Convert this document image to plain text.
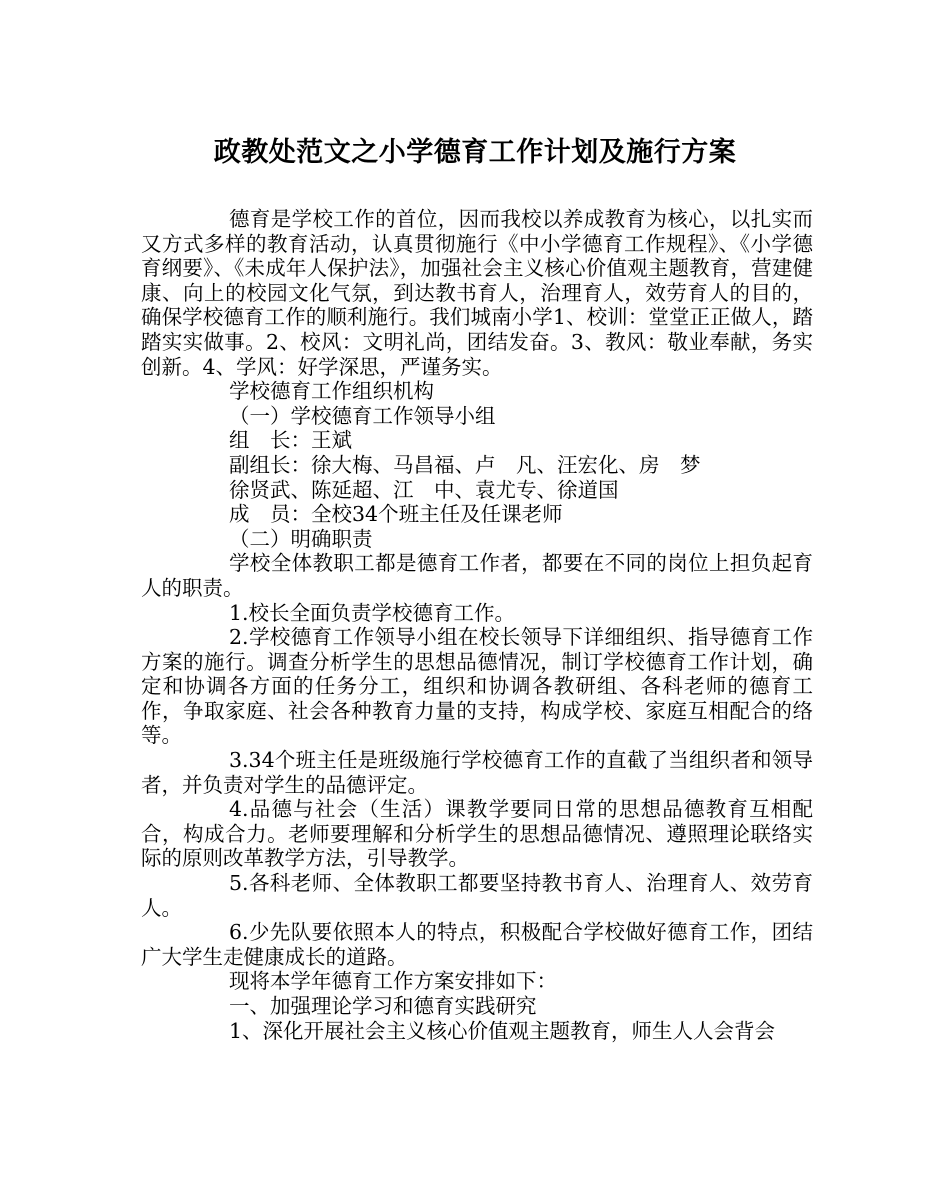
政教处范文之小学德育工作计划及施行方案

德育是学校工作的首位，因而我校以养成教育为核心，以扎实而又方式多样的教育活动，认真贯彻施行《中小学德育工作规程》、《小学德育纲要》、《未成年人保护法》，加强社会主义核心价值观主题教育，营建健康、向上的校园文化气氛，到达教书育人，治理育人，效劳育人的目的，确保学校德育工作的顺利施行。我们城南小学1、校训：堂堂正正做人，踏踏实实做事。2、校风：文明礼尚，团结发奋。3、教风：敬业奉献，务实创新。4、学风：好学深思，严谨务实。

学校德育工作组织机构

（一）学校德育工作领导小组

组　长：王斌

副组长：徐大梅、马昌福、卢　凡、汪宏化、房　梦

徐贤武、陈延超、江　中、袁尤专、徐道国

成　员：全校34个班主任及任课老师

（二）明确职责

学校全体教职工都是德育工作者，都要在不同的岗位上担负起育人的职责。

1.校长全面负责学校德育工作。

2.学校德育工作领导小组在校长领导下详细组织、指导德育工作方案的施行。调查分析学生的思想品德情况，制订学校德育工作计划，确定和协调各方面的任务分工，组织和协调各教研组、各科老师的德育工作，争取家庭、社会各种教育力量的支持，构成学校、家庭互相配合的络等。

3.34个班主任是班级施行学校德育工作的直截了当组织者和领导者，并负责对学生的品德评定。

4.品德与社会（生活）课教学要同日常的思想品德教育互相配合，构成合力。老师要理解和分析学生的思想品德情况、遵照理论联络实际的原则改革教学方法，引导教学。

5.各科老师、全体教职工都要坚持教书育人、治理育人、效劳育人。

6.少先队要依照本人的特点，积极配合学校做好德育工作，团结广大学生走健康成长的道路。

现将本学年德育工作方案安排如下：

一、加强理论学习和德育实践研究

1、深化开展社会主义核心价值观主题教育，师生人人会背会
